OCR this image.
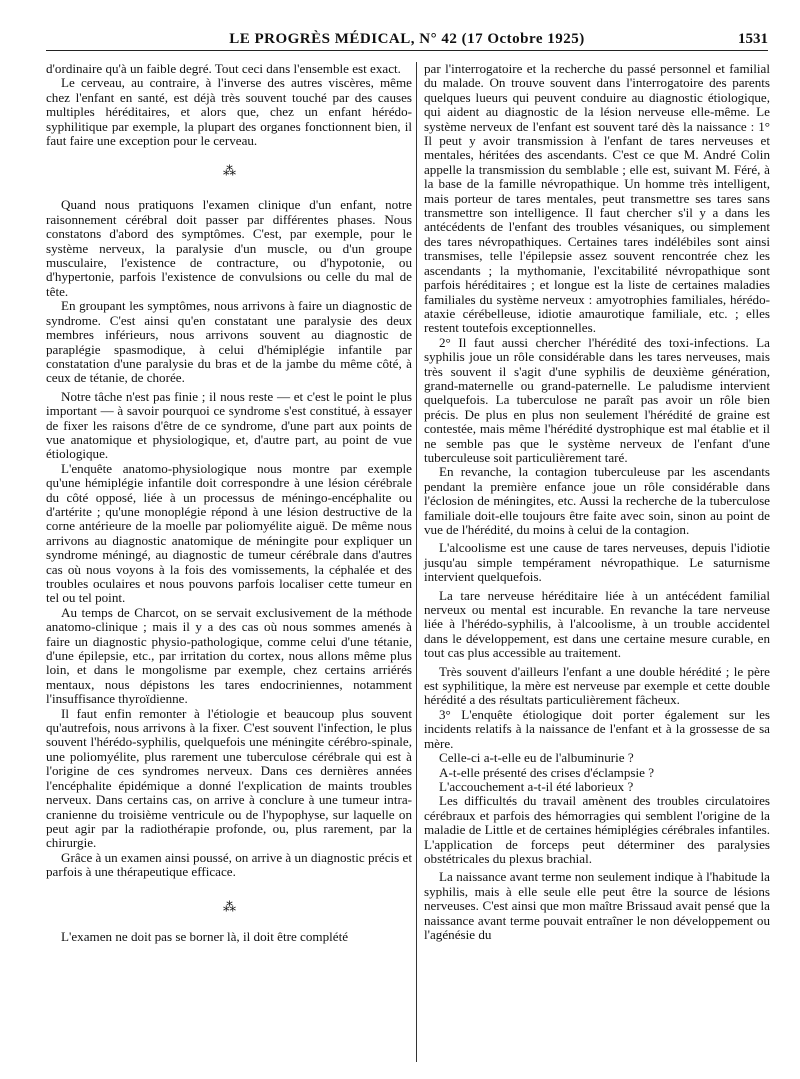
LE PROGRÈS MÉDICAL, N° 42 (17 Octobre 1925)	1531

d'ordinaire qu'à un faible degré. Tout ceci dans l'ensemble est exact.

Le cerveau, au contraire, à l'inverse des autres viscères, même chez l'enfant en santé, est déjà très souvent touché par des causes multiples héréditaires, et alors que, chez un enfant hérédo-syphilitique par exemple, la plupart des organes fonctionnent bien, il faut faire une exception pour le cerveau.

⁂

Quand nous pratiquons l'examen clinique d'un enfant, notre raisonnement cérébral doit passer par différentes phases. Nous constatons d'abord des symptômes. C'est, par exemple, pour le système nerveux, la paralysie d'un muscle, ou d'un groupe musculaire, l'existence de contracture, ou d'hypotonie, ou d'hypertonie, parfois l'existence de convulsions ou celle du mal de tête.

En groupant les symptômes, nous arrivons à faire un diagnostic de syndrome. C'est ainsi qu'en constatant une paralysie des deux membres inférieurs, nous arrivons souvent au diagnostic de paraplégie spasmodique, à celui d'hémiplégie infantile par constatation d'une paralysie du bras et de la jambe du même côté, à ceux de tétanie, de chorée.

Notre tâche n'est pas finie ; il nous reste — et c'est le point le plus important — à savoir pourquoi ce syndrome s'est constitué, à essayer de fixer les raisons d'être de ce syndrome, d'une part aux points de vue anatomique et physiologique, et, d'autre part, au point de vue étiologique.

L'enquête anatomo-physiologique nous montre par exemple qu'une hémiplégie infantile doit correspondre à une lésion cérébrale du côté opposé, liée à un processus de méningo-encéphalite ou d'artérite ; qu'une monoplégie répond à une lésion destructive de la corne antérieure de la moelle par poliomyélite aiguë. De même nous arrivons au diagnostic anatomique de méningite pour expliquer un syndrome méningé, au diagnostic de tumeur cérébrale dans d'autres cas où nous voyons à la fois des vomissements, la céphalée et des troubles oculaires et nous pouvons parfois localiser cette tumeur en tel ou tel point.

Au temps de Charcot, on se servait exclusivement de la méthode anatomo-clinique ; mais il y a des cas où nous sommes amenés à faire un diagnostic physio-pathologique, comme celui d'une tétanie, d'une épilepsie, etc., par irritation du cortex, nous allons même plus loin, et dans le mongolisme par exemple, chez certains arriérés mentaux, nous dépistons les tares endocriniennes, notamment l'insuffisance thyroïdienne.

Il faut enfin remonter à l'étiologie et beaucoup plus souvent qu'autrefois, nous arrivons à la fixer. C'est souvent l'infection, le plus souvent l'hérédo-syphilis, quelquefois une méningite cérébro-spinale, une poliomyélite, plus rarement une tuberculose cérébrale qui est à l'origine de ces syndromes nerveux. Dans ces dernières années l'encéphalite épidémique a donné l'explication de maints troubles nerveux. Dans certains cas, on arrive à conclure à une tumeur intra-cranienne du troisième ventricule ou de l'hypophyse, sur laquelle on peut agir par la radiothérapie profonde, ou, plus rarement, par la chirurgie.

Grâce à un examen ainsi poussé, on arrive à un diagnostic précis et parfois à une thérapeutique efficace.

⁂

L'examen ne doit pas se borner là, il doit être complété

par l'interrogatoire et la recherche du passé personnel et familial du malade. On trouve souvent dans l'interrogatoire des parents quelques lueurs qui peuvent conduire au diagnostic étiologique, qui aident au diagnostic de la lésion nerveuse elle-même. Le système nerveux de l'enfant est souvent taré dès la naissance : 1° Il peut y avoir transmission à l'enfant de tares nerveuses et mentales, héritées des ascendants. C'est ce que M. André Colin appelle la transmission du semblable ; elle est, suivant M. Féré, à la base de la famille névropathique. Un homme très intelligent, mais porteur de tares mentales, peut transmettre ses tares sans transmettre son intelligence. Il faut chercher s'il y a dans les antécédents de l'enfant des troubles vésaniques, ou simplement des tares névropathiques. Certaines tares indélébiles sont ainsi transmises, telle l'épilepsie assez souvent rencontrée chez les ascendants ; la mythomanie, l'excitabilité névropathique sont parfois héréditaires ; et longue est la liste de certaines maladies familiales du système nerveux : amyotrophies familiales, hérédo-ataxie cérébelleuse, idiotie amaurotique familiale, etc. ; elles restent toutefois exceptionnelles.

2° Il faut aussi chercher l'hérédité des toxi-infections. La syphilis joue un rôle considérable dans les tares nerveuses, mais très souvent il s'agit d'une syphilis de deuxième génération, grand-maternelle ou grand-paternelle. Le paludisme intervient quelquefois. La tuberculose ne paraît pas avoir un rôle bien précis. De plus en plus non seulement l'hérédité de graine est contestée, mais même l'hérédité dystrophique est mal établie et il ne semble pas que le système nerveux de l'enfant d'une tuberculeuse soit particulièrement taré.

En revanche, la contagion tuberculeuse par les ascendants pendant la première enfance joue un rôle considérable dans l'éclosion de méningites, etc. Aussi la recherche de la tuberculose familiale doit-elle toujours être faite avec soin, sinon au point de vue de l'hérédité, du moins à celui de la contagion.

L'alcoolisme est une cause de tares nerveuses, depuis l'idiotie jusqu'au simple tempérament névropathique. Le saturnisme intervient quelquefois.

La tare nerveuse héréditaire liée à un antécédent familial nerveux ou mental est incurable. En revanche la tare nerveuse liée à l'hérédo-syphilis, à l'alcoolisme, à un trouble accidentel dans le développement, est dans une certaine mesure curable, en tout cas plus accessible au traitement.

Très souvent d'ailleurs l'enfant a une double hérédité ; le père est syphilitique, la mère est nerveuse par exemple et cette double hérédité a des résultats particulièrement fâcheux.

3° L'enquête étiologique doit porter également sur les incidents relatifs à la naissance de l'enfant et à la grossesse de sa mère.

Celle-ci a-t-elle eu de l'albuminurie ?

A-t-elle présenté des crises d'éclampsie ?

L'accouchement a-t-il été laborieux ?

Les difficultés du travail amènent des troubles circulatoires cérébraux et parfois des hémorragies qui semblent l'origine de la maladie de Little et de certaines hémiplégies cérébrales infantiles. L'application de forceps peut déterminer des paralysies obstétricales du plexus brachial.

La naissance avant terme non seulement indique à l'habitude la syphilis, mais à elle seule elle peut être la source de lésions nerveuses. C'est ainsi que mon maître Brissaud avait pensé que la naissance avant terme pouvait entraîner le non développement ou l'agénésie du
